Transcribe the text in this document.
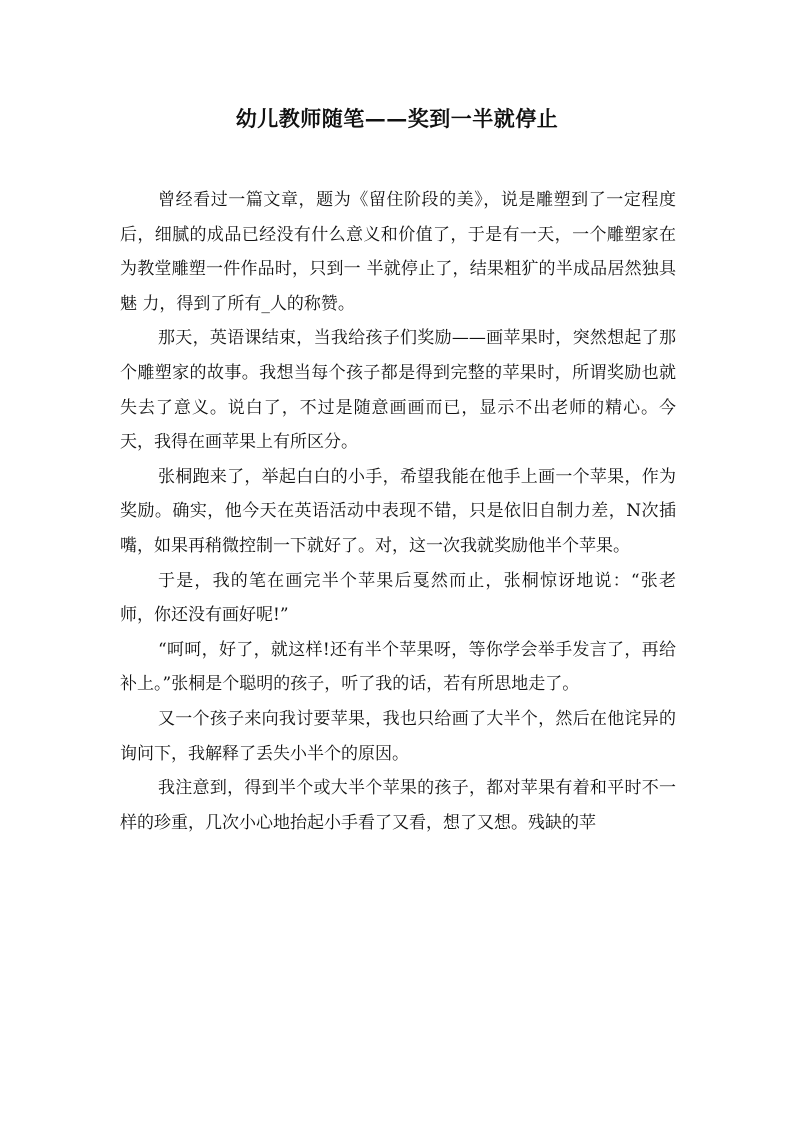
幼儿教师随笔——奖到一半就停止

曾经看过一篇文章，题为《留住阶段的美》，说是雕塑到了一定程度后，细腻的成品已经没有什么意义和价值了，于是有一天，一个雕塑家在为教堂雕塑一件作品时，只到一 半就停止了，结果粗犷的半成品居然独具魅 力，得到了所有_人的称赞。

那天，英语课结束，当我给孩子们奖励——画苹果时，突然想起了那个雕塑家的故事。我想当每个孩子都是得到完整的苹果时，所谓奖励也就失去了意义。说白了，不过是随意画画而已，显示不出老师的精心。今天，我得在画苹果上有所区分。

张桐跑来了，举起白白的小手，希望我能在他手上画一个苹果，作为奖励。确实，他今天在英语活动中表现不错，只是依旧自制力差，N次插嘴，如果再稍微控制一下就好了。对，这一次我就奖励他半个苹果。

于是，我的笔在画完半个苹果后戛然而止，张桐惊讶地说：“张老师，你还没有画好呢!”

“呵呵，好了，就这样!还有半个苹果呀，等你学会举手发言了，再给补上。”张桐是个聪明的孩子，听了我的话，若有所思地走了。

又一个孩子来向我讨要苹果，我也只给画了大半个，然后在他诧异的询问下，我解释了丢失小半个的原因。

我注意到，得到半个或大半个苹果的孩子，都对苹果有着和平时不一样的珍重，几次小心地抬起小手看了又看，想了又想。残缺的苹
